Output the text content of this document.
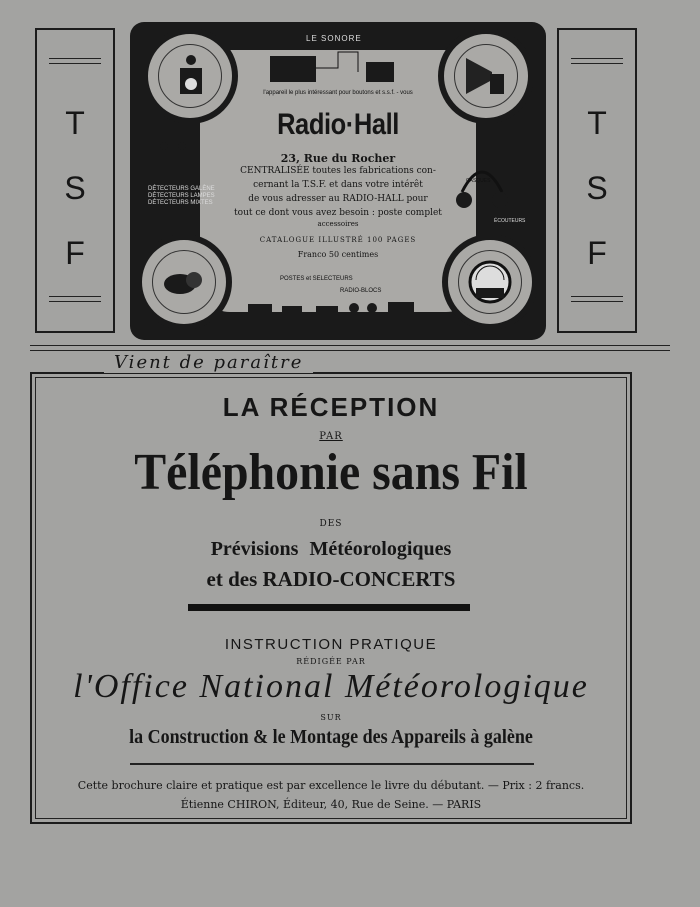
T
S
F
T
S
F
DÉTECTEURS GALÈNE
DÉTECTEURS LAMPES
DÉTECTEURS MIXTES
CASQUES
ÉCOUTEURS
LE SONORE
l'appareil le plus intéressant pour boutons et s.s.f. - vous
Radio·Hall
23, Rue du Rocher
CENTRALISÉE toutes les fabrications con-
cernant la T.S.F. et dans votre intérêt
de vous adresser au RADIO-HALL pour
tout ce dont vous avez besoin : poste complet
accessoires
CATALOGUE ILLUSTRÉ 100 PAGES
Franco 50 centimes
POSTES et SELECTEURS
RADIO-BLOCS
Vient de paraître
LA RÉCEPTION
PAR
Téléphonie sans Fil
DES
Prévisions Météorologiques
et des RADIO-CONCERTS
INSTRUCTION PRATIQUE
RÉDIGÉE PAR
l'Office National Météorologique
SUR
la Construction & le Montage des Appareils à galène
Cette brochure claire et pratique est par excellence le livre du débutant. — Prix : 2 francs.
Étienne CHIRON, Éditeur, 40, Rue de Seine. — PARIS
